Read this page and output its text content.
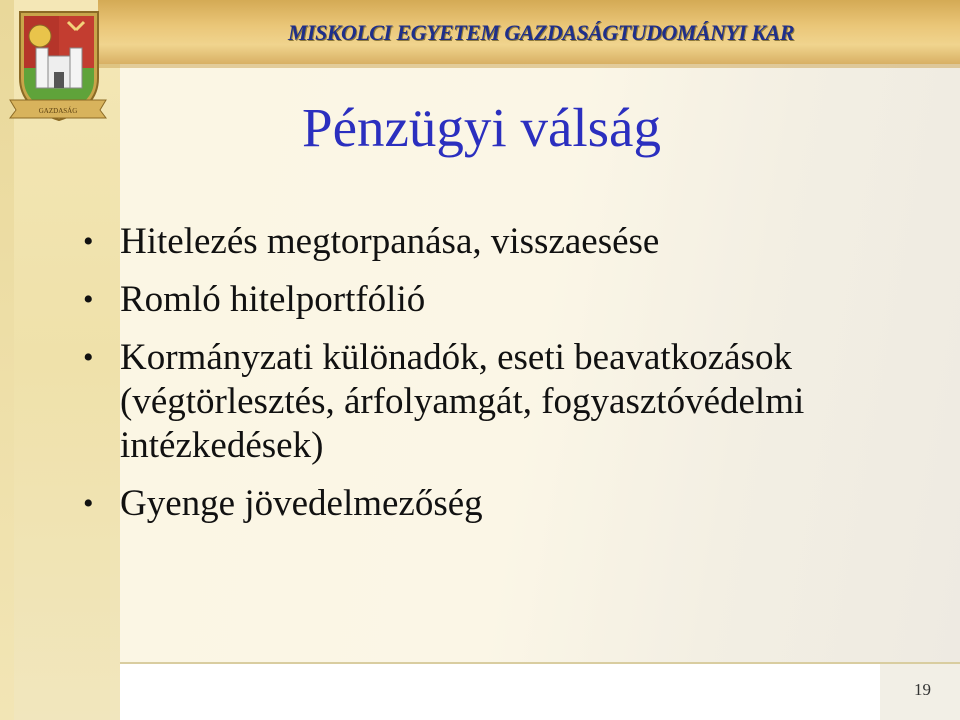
MISKOLCI EGYETEM GAZDASÁGTUDOMÁNYI KAR
GAZDASÁG	Pénzügyi válság
• Hitelezés megtorpanása, visszaesése
• Romló hitelportfólió
• Kormányzati különadók, eseti beavatkozások (végtörlesztés, árfolyamgát, fogyasztóvédelmi intézkedések)
• Gyenge jövedelmezőség
19
